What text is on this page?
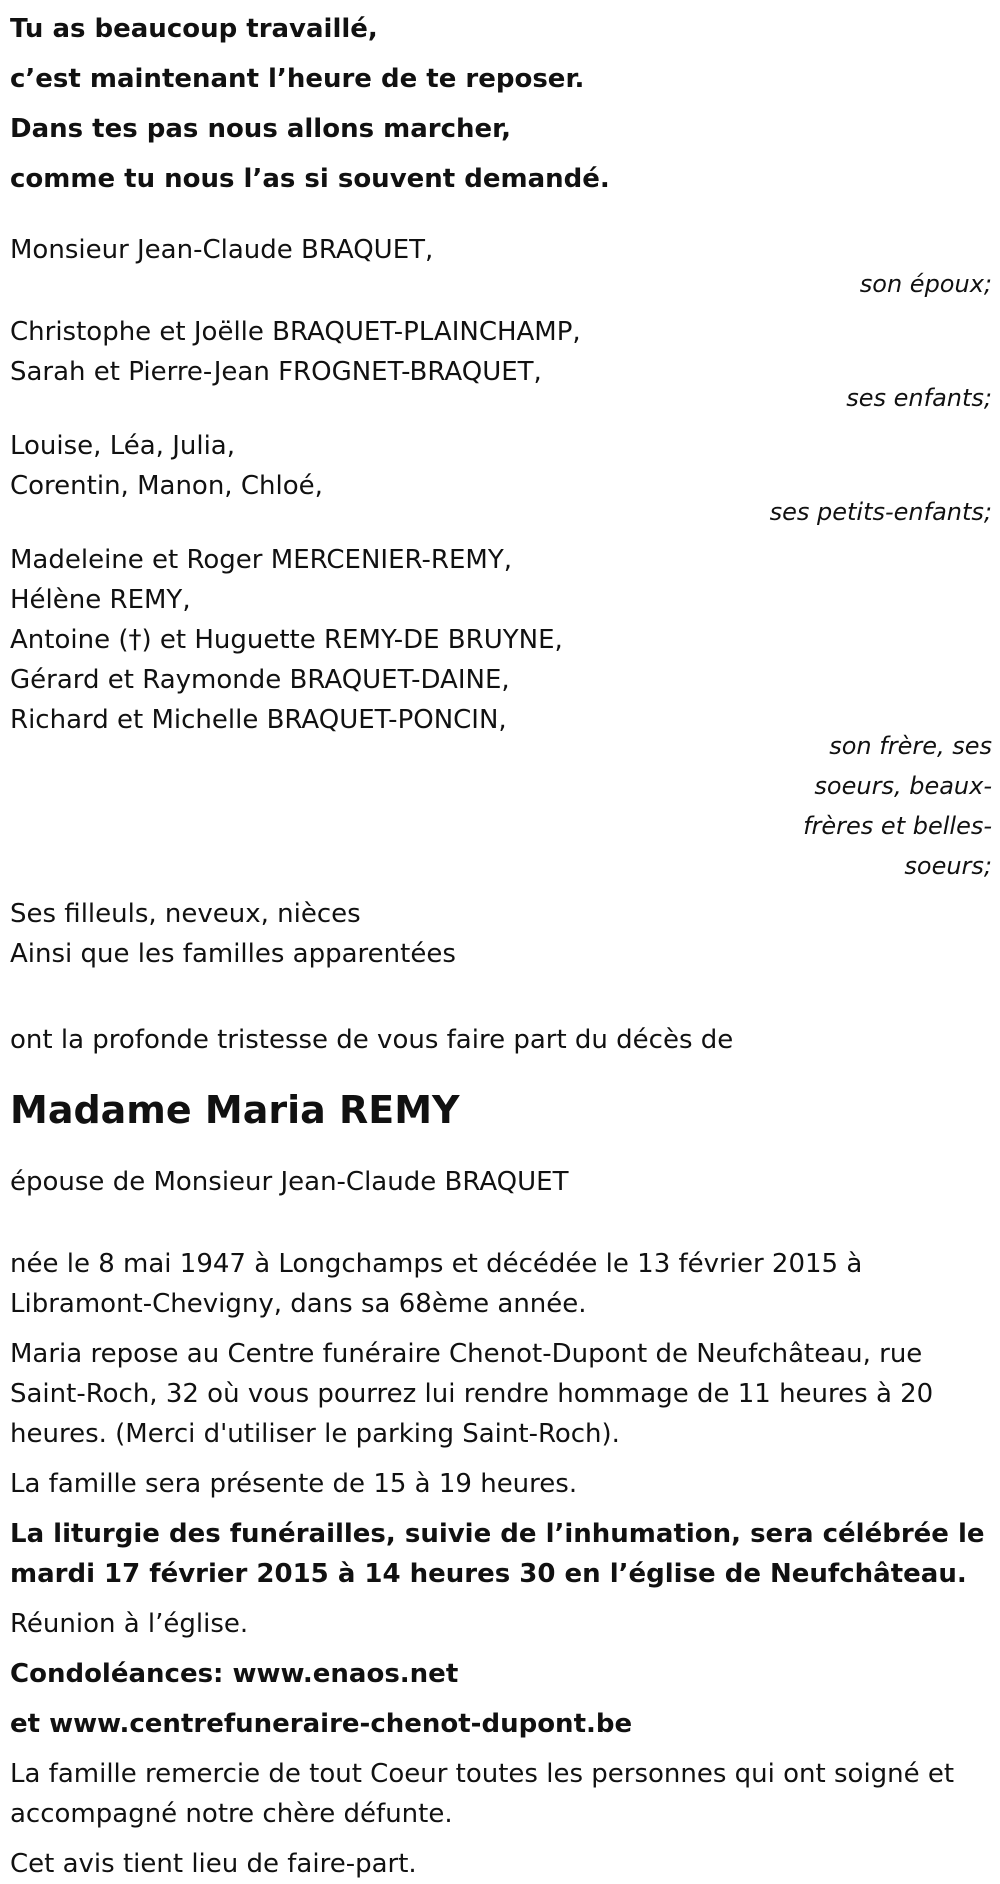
Tu as beaucoup travaillé,
c’est maintenant l’heure de te reposer.
Dans tes pas nous allons marcher,
comme tu nous l’as si souvent demandé.
Monsieur Jean-Claude BRAQUET,
son époux;
Christophe et Joëlle BRAQUET-PLAINCHAMP,
Sarah et Pierre-Jean FROGNET-BRAQUET,
ses enfants;
Louise, Léa, Julia,
Corentin, Manon, Chloé,
ses petits-enfants;
Madeleine et Roger MERCENIER-REMY,
Hélène REMY,
Antoine (†) et Huguette REMY-DE BRUYNE,
Gérard et Raymonde BRAQUET-DAINE,
Richard et Michelle BRAQUET-PONCIN,
son frère, ses
soeurs, beaux-
frères et belles-
soeurs;
Ses filleuls, neveux, nièces
Ainsi que les familles apparentées
ont la profonde tristesse de vous faire part du décès de
Madame Maria REMY
épouse de Monsieur Jean-Claude BRAQUET
née le 8 mai 1947 à Longchamps et décédée le 13 février 2015 à Libramont-Chevigny, dans sa 68ème année.
Maria repose au Centre funéraire Chenot-Dupont de Neufchâteau, rue Saint-Roch, 32 où vous pourrez lui rendre hommage de 11 heures à 20 heures. (Merci d'utiliser le parking Saint-Roch).
La famille sera présente de 15 à 19 heures.
La liturgie des funérailles, suivie de l’inhumation, sera célébrée le mardi 17 février 2015 à 14 heures 30 en l’église de Neufchâteau.
Réunion à l’église.
Condoléances: www.enaos.net
et www.centrefuneraire-chenot-dupont.be
La famille remercie de tout Coeur toutes les personnes qui ont soigné et accompagné notre chère défunte.
Cet avis tient lieu de faire-part.
